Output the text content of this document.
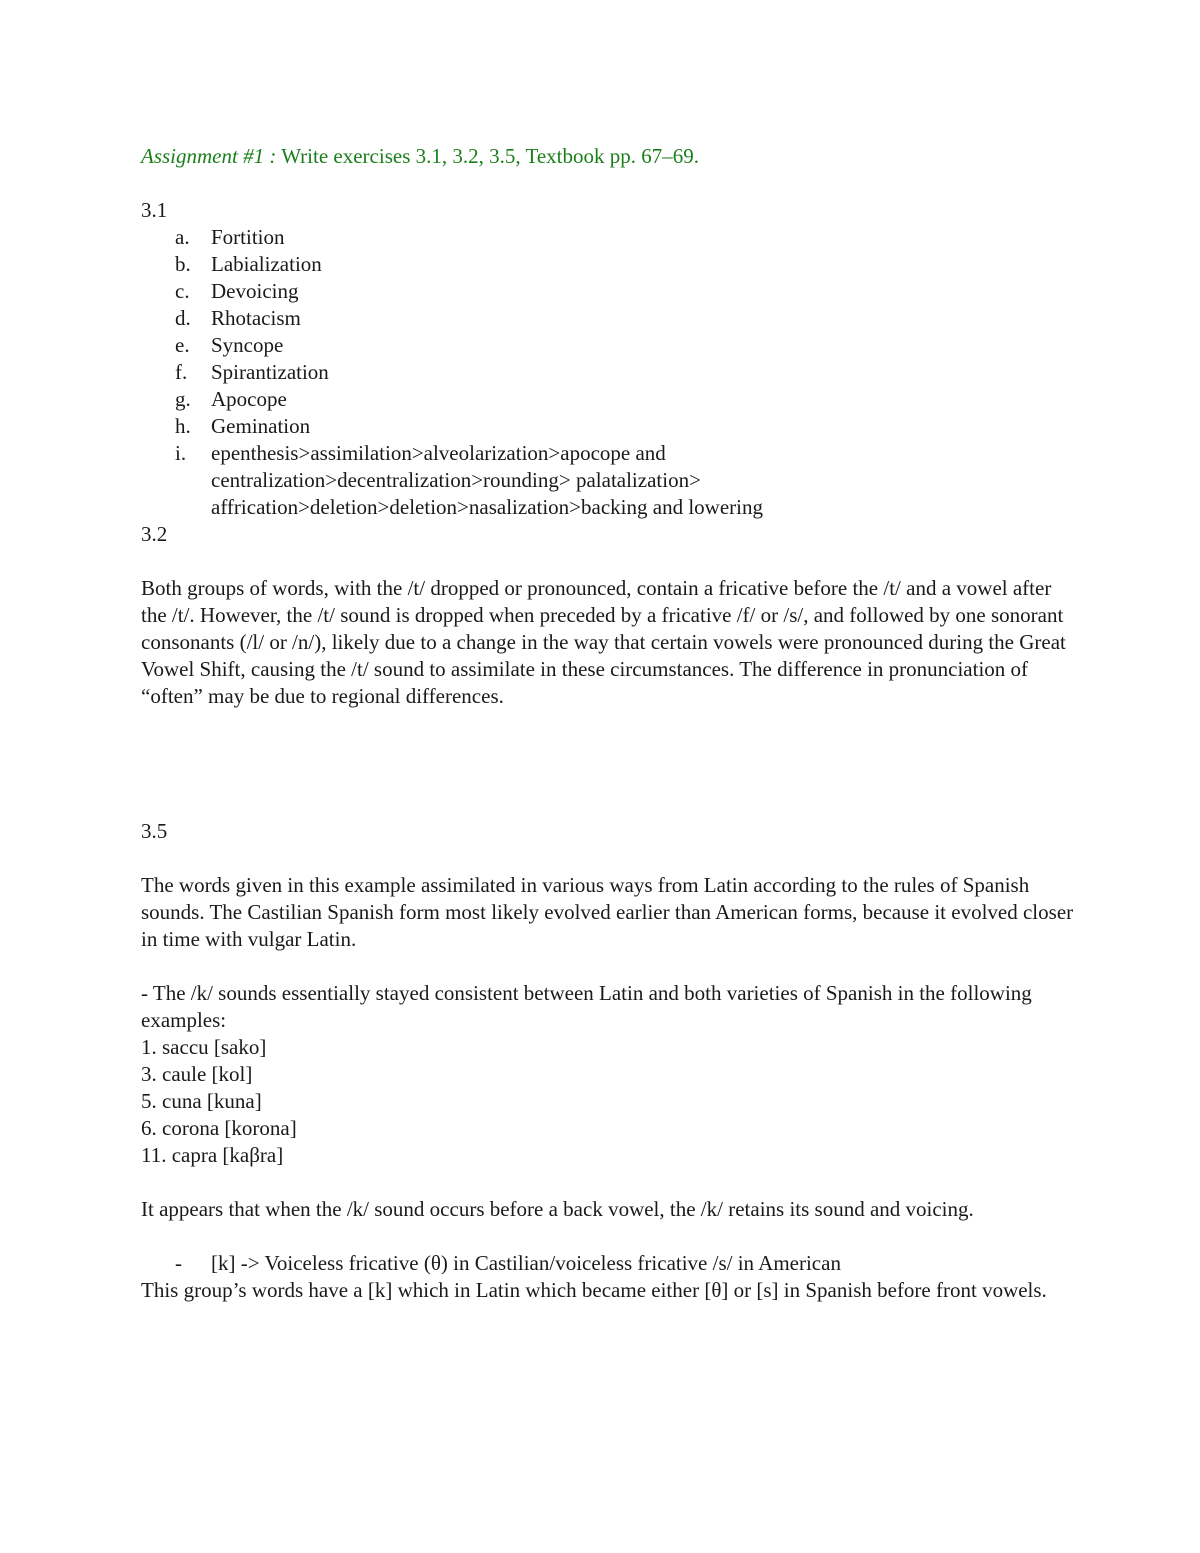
Assignment #1 : Write exercises 3.1, 3.2, 3.5, Textbook pp. 67–69.

3.1

a. Fortition
b. Labialization
c. Devoicing
d. Rhotacism
e. Syncope
f. Spirantization
g. Apocope
h. Gemination
i. epenthesis>assimilation>alveolarization>apocope and
centralization>decentralization>rounding> palatalization>
affrication>deletion>deletion>nasalization>backing and lowering

3.2

Both groups of words, with the /t/ dropped or pronounced, contain a fricative before the /t/ and a vowel after the /t/. However, the /t/ sound is dropped when preceded by a fricative /f/ or /s/, and followed by one sonorant consonants (/l/ or /n/), likely due to a change in the way that certain vowels were pronounced during the Great Vowel Shift, causing the /t/ sound to assimilate in these circumstances. The difference in pronunciation of “often” may be due to regional differences.

3.5

The words given in this example assimilated in various ways from Latin according to the rules of Spanish sounds. The Castilian Spanish form most likely evolved earlier than American forms, because it evolved closer in time with vulgar Latin.

- The /k/ sounds essentially stayed consistent between Latin and both varieties of Spanish in the following examples:

1. saccu [sako]
3. caule [kol]
5. cuna [kuna]
6. corona [korona]
11. capra [kaβra]

It appears that when the /k/ sound occurs before a back vowel, the /k/ retains its sound and voicing.

- [k] -> Voiceless fricative (θ) in Castilian/voiceless fricative /s/ in American

This group’s words have a [k] which in Latin which became either [θ] or [s] in Spanish before front vowels.
